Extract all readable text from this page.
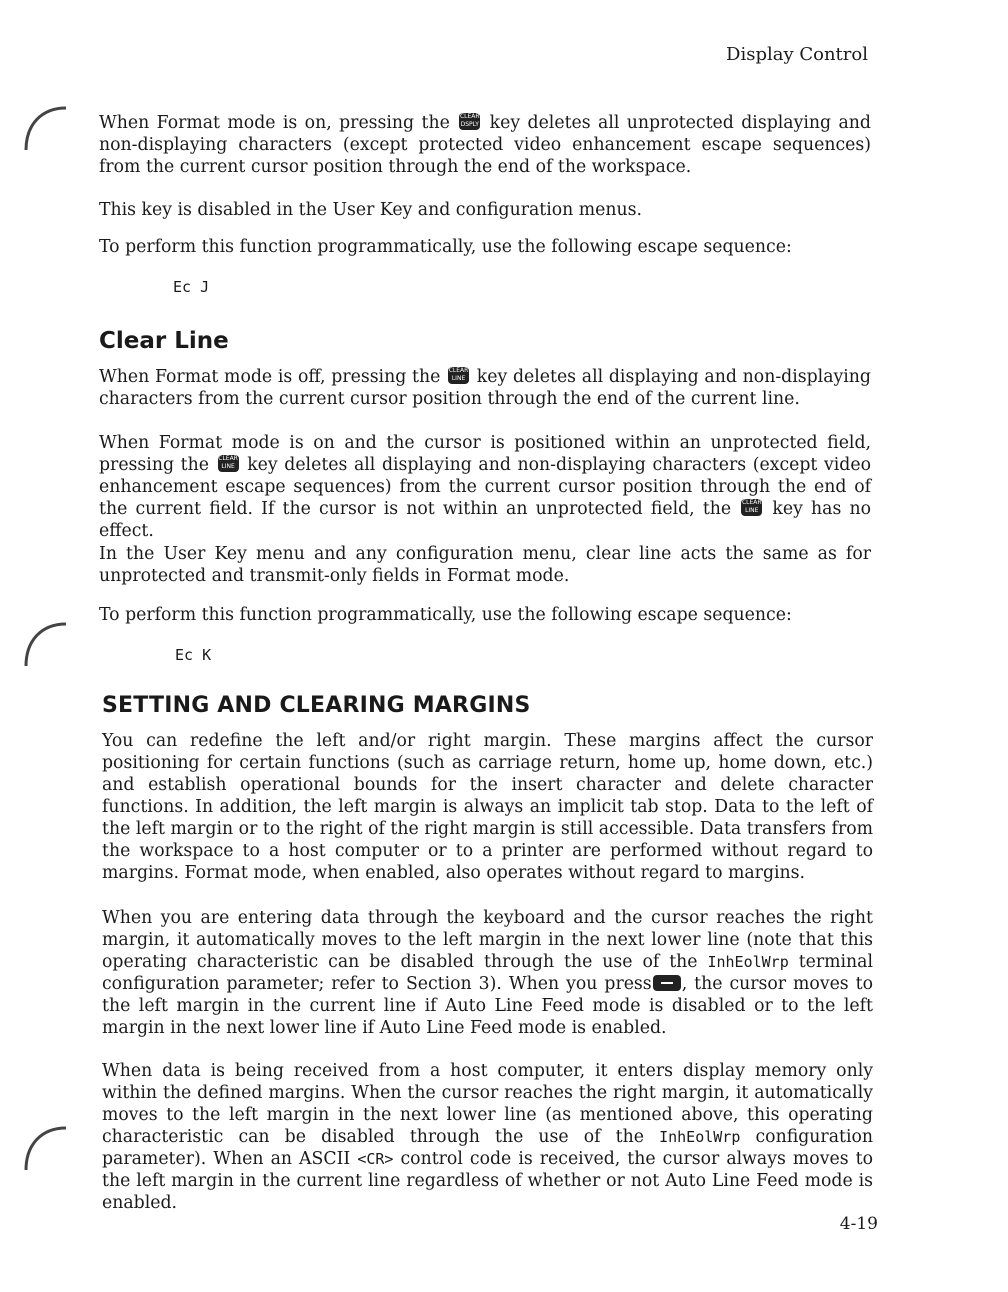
Display Control

When Format mode is on, pressing the CLEAR
DSPLY key deletes all unprotected displaying and non-displaying characters (except protected video enhancement escape sequences) from the current cursor position through the end of the workspace.

This key is disabled in the User Key and configuration menus.

To perform this function programmatically, use the following escape sequence:

Ec J
Clear Line

When Format mode is off, pressing the CLEAR
LINE key deletes all displaying and non-displaying characters from the current cursor position through the end of the current line.

When Format mode is on and the cursor is positioned within an unprotected field, pressing the CLEAR
LINE key deletes all displaying and non-displaying characters (except video enhancement escape sequences) from the current cursor position through the end of the current field. If the cursor is not within an unprotected field, the CLEAR
LINE key has no effect.

In the User Key menu and any configuration menu, clear line acts the same as for unprotected and transmit-only fields in Format mode.

To perform this function programmatically, use the following escape sequence:

Ec K
SETTING AND CLEARING MARGINS

You can redefine the left and/or right margin. These margins affect the cursor positioning for certain functions (such as carriage return, home up, home down, etc.) and establish operational bounds for the insert character and delete character functions. In addition, the left margin is always an implicit tab stop. Data to the left of the left margin or to the right of the right margin is still accessible. Data transfers from the workspace to a host computer or to a printer are performed without regard to margins. Format mode, when enabled, also operates without regard to margins.

When you are entering data through the keyboard and the cursor reaches the right margin, it automatically moves to the left margin in the next lower line (note that this operating characteristic can be disabled through the use of the InhEolWrp terminal configuration parameter; refer to Section 3). When you press , the cursor moves to the left margin in the current line if Auto Line Feed mode is disabled or to the left margin in the next lower line if Auto Line Feed mode is enabled.

When data is being received from a host computer, it enters display memory only within the defined margins. When the cursor reaches the right margin, it automatically moves to the left margin in the next lower line (as mentioned above, this operating characteristic can be disabled through the use of the InhEolWrp configuration parameter). When an ASCII <CR> control code is received, the cursor always moves to the left margin in the current line regardless of whether or not Auto Line Feed mode is enabled.

4-19
